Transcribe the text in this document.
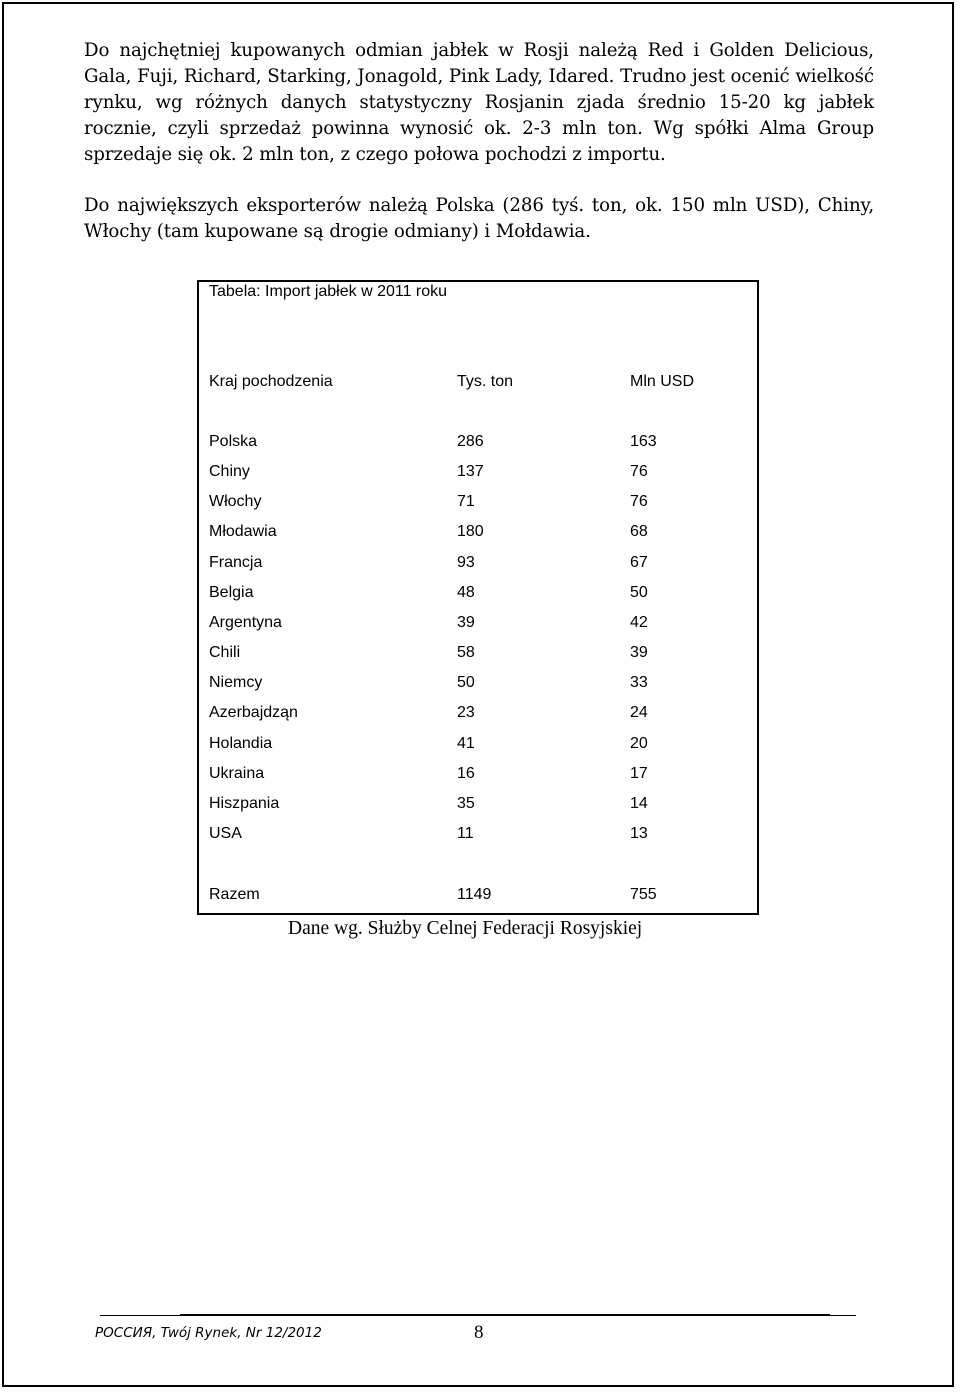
Do najchętniej kupowanych odmian jabłek w Rosji należą Red i Golden Delicious, Gala, Fuji, Richard, Starking, Jonagold, Pink Lady, Idared. Trudno jest ocenić wielkość rynku, wg różnych danych statystyczny Rosjanin zjada średnio 15-20 kg jabłek rocznie, czyli sprzedaż powinna wynosić ok. 2-3 mln ton. Wg spółki Alma Group sprzedaje się ok. 2 mln ton, z czego połowa pochodzi z importu.

Do największych eksporterów należą Polska (286 tyś. ton, ok. 150 mln USD), Chiny, Włochy (tam kupowane są drogie odmiany) i Mołdawia.

Tabela: Import jabłek w 2011 roku
Kraj pochodzenia	Tys. ton	Mln USD
Polska	286	163
Chiny	137	76
Włochy	71	76
Młodawia	180	68
Francja	93	67
Belgia	48	50
Argentyna	39	42
Chili	58	39
Niemcy	50	33
Azerbajdząn	23	24
Holandia	41	20
Ukraina	16	17
Hiszpania	35	14
USA	11	13
Razem	1149	755
Dane wg. Służby Celnej Federacji Rosyjskiej
РОССИЯ, Twój Rynek, Nr 12/2012	8
